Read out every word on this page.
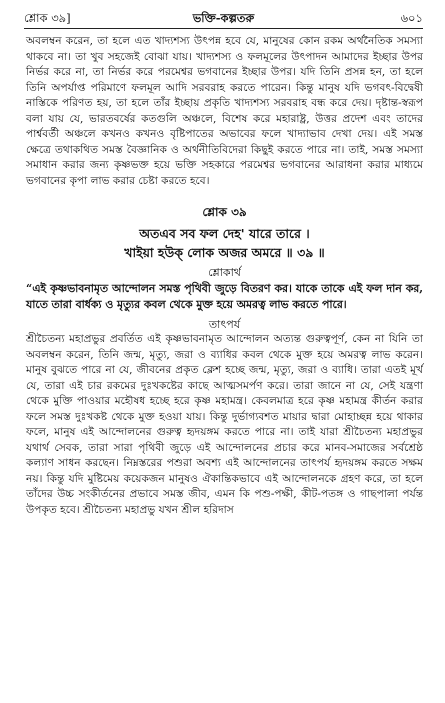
শ্লোক ৩৯]	ভক্তি-কল্পতরু	৬০১

অবলম্বন করেন, তা হলে এত খাদ্যশস্য উৎপন্ন হবে যে, মানুষের কোন রকম অর্থনৈতিক সমস্যা থাকবে না। তা খুব সহজেই বোঝা যায়। খাদ্যশস্য ও ফলমূলের উৎপাদন আমাদের ইচ্ছার উপর নির্ভর করে না, তা নির্ভর করে পরমেশ্বর ভগবানের ইচ্ছার উপর। যদি তিনি প্রসন্ন হন, তা হলে তিনি অপর্যাপ্ত পরিমাণে ফলমূল আদি সরবরাহ করতে পারেন। কিন্তু মানুষ যদি ভগবৎ-বিদ্বেষী নাস্তিকে পরিণত হয়, তা হলে তাঁর ইচ্ছায় প্রকৃতি খাদ্যশস্য সরবরাহ বন্ধ করে দেয়। দৃষ্টান্ত-স্বরূপ বলা যায় যে, ভারতবর্ষের কতগুলি অঞ্চলে, বিশেষ করে মহারাষ্ট্র, উত্তর প্রদেশ এবং তাদের পার্শ্ববর্তী অঞ্চলে কখনও কখনও বৃষ্টিপাতের অভাবের ফলে খাদ্যাভাব দেখা দেয়। এই সমস্ত ক্ষেত্রে তথাকথিত সমস্ত বৈজ্ঞানিক ও অর্থনীতিবিদেরা কিছুই করতে পারে না। তাই, সমস্ত সমস্যা সমাধান করার জন্য কৃষ্ণভক্ত হয়ে ভক্তি সহকারে পরমেশ্বর ভগবানের আরাধনা করার মাধ্যমে ভগবানের কৃপা লাভ করার চেষ্টা করতে হবে।

শ্লোক ৩৯
অতএব সব ফল দেহ' যারে তারে ।
খাইয়া হউক্ লোক অজর অমরে ॥ ৩৯ ॥
শ্লোকার্থ

“এই কৃষ্ণভাবনামৃত আন্দোলন সমস্ত পৃথিবী জুড়ে বিতরণ কর। যাকে তাকে এই ফল দান কর, যাতে তারা বার্ধক্য ও মৃত্যুর কবল থেকে মুক্ত হয়ে অমরত্ব লাভ করতে পারে।

তাৎপর্য

শ্রীচৈতন্য মহাপ্রভুর প্রবর্তিত এই কৃষ্ণভাবনামৃত আন্দোলন অত্যন্ত গুরুত্বপূর্ণ, কেন না যিনি তা অবলম্বন করেন, তিনি জন্ম, মৃত্যু, জরা ও ব্যাধির কবল থেকে মুক্ত হয়ে অমরত্ব লাভ করেন। মানুষ বুঝতে পারে না যে, জীবনের প্রকৃত ক্লেশ হচ্ছে জন্ম, মৃত্যু, জরা ও ব্যাধি। তারা এতই মূর্খ যে, তারা এই চার রকমের দুঃখকষ্টের কাছে আত্মসমর্পণ করে। তারা জানে না যে, সেই যন্ত্রণা থেকে মুক্তি পাওয়ার মহৌষধ হচ্ছে হরে কৃষ্ণ মহামন্ত্র। কেবলমাত্র হরে কৃষ্ণ মহামন্ত্র কীর্তন করার ফলে সমস্ত দুঃখকষ্ট থেকে মুক্ত হওয়া যায়। কিন্তু দুর্ভাগ্যবশত মায়ার দ্বারা মোহাচ্ছন্ন হয়ে থাকার ফলে, মানুষ এই আন্দোলনের গুরুত্ব হৃদয়ঙ্গম করতে পারে না। তাই যারা শ্রীচৈতন্য মহাপ্রভুর যথার্থ সেবক, তারা সারা পৃথিবী জুড়ে এই আন্দোলনের প্রচার করে মানব-সমাজের সর্বশ্রেষ্ঠ কল্যাণ সাধন করছেন। নিম্নস্তরের পশুরা অবশ্য এই আন্দোলনের তাৎপর্য হৃদয়ঙ্গম করতে সক্ষম নয়। কিন্তু যদি মুষ্টিমেয় কয়েকজন মানুষও ঐকান্তিকভাবে এই আন্দোলনকে গ্রহণ করে, তা হলে তাঁদের উচ্চ সংকীর্তনের প্রভাবে সমস্ত জীব, এমন কি পশু-পক্ষী, কীট-পতঙ্গ ও গাছপালা পর্যন্ত উপকৃত হবে। শ্রীচৈতন্য মহাপ্রভু যখন শ্রীল হরিদাস
